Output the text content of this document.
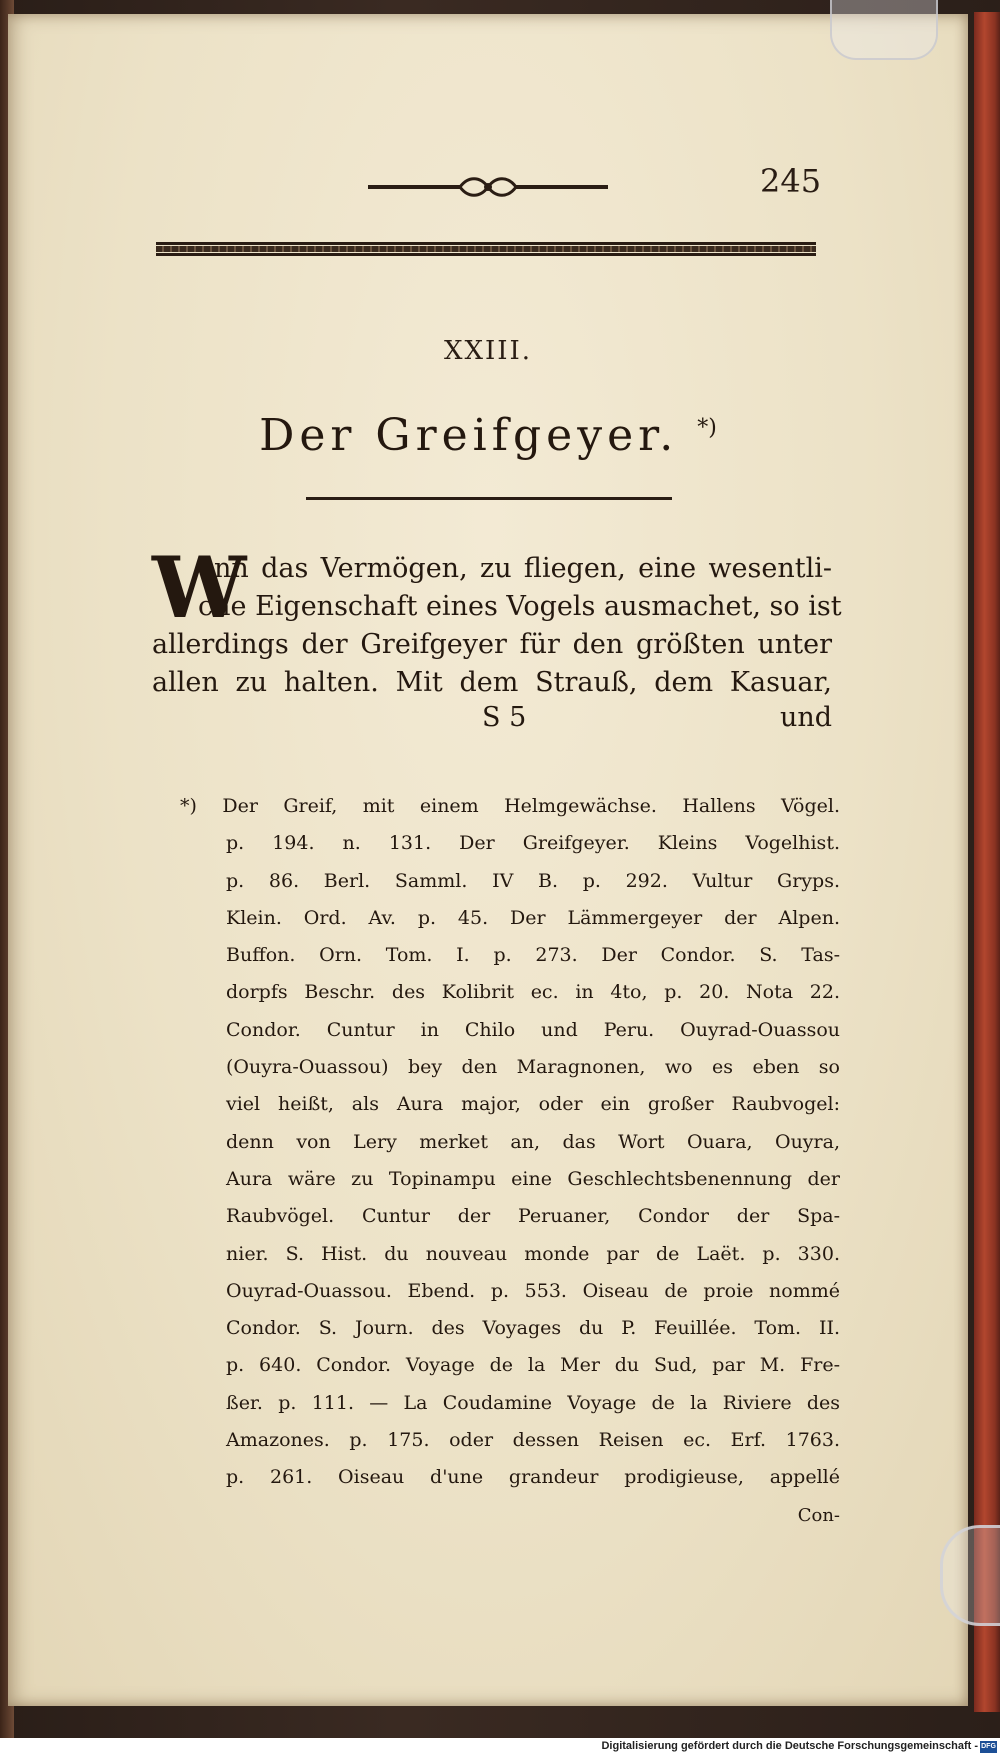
245
XXIII.
Der Greifgeyer. *)
W
enn das Vermögen, zu fliegen, eine wesentli-
che Eigenschaft eines Vogels ausmachet, so ist
allerdings der Greifgeyer für den größten unter
allen zu halten. Mit dem Strauß, dem Kasuar,
S 5	und
*) Der Greif, mit einem Helmgewächse. Hallens Vögel.
p. 194. n. 131. Der Greifgeyer. Kleins Vogelhist.
p. 86. Berl. Samml. IV B. p. 292. Vultur Gryps.
Klein. Ord. Av. p. 45. Der Lämmergeyer der Alpen.
Buffon. Orn. Tom. I. p. 273. Der Condor. S. Tas-
dorpfs Beschr. des Kolibrit ec. in 4to, p. 20. Nota 22.
Condor. Cuntur in Chilo und Peru. Ouyrad-Ouassou
(Ouyra-Ouassou) bey den Maragnonen, wo es eben so
viel heißt, als Aura major, oder ein großer Raubvogel:
denn von Lery merket an, das Wort Ouara, Ouyra,
Aura wäre zu Topinampu eine Geschlechtsbenennung der
Raubvögel. Cuntur der Peruaner, Condor der Spa-
nier. S. Hist. du nouveau monde par de Laët. p. 330.
Ouyrad-Ouassou. Ebend. p. 553. Oiseau de proie nommé
Condor. S. Journ. des Voyages du P. Feuillée. Tom. II.
p. 640. Condor. Voyage de la Mer du Sud, par M. Fre-
ßer. p. 111. — La Coudamine Voyage de la Riviere des
Amazones. p. 175. oder dessen Reisen ec. Erf. 1763.
p. 261. Oiseau d'une grandeur prodigieuse, appellé
Con-
Digitalisierung gefördert durch die Deutsche Forschungsgemeinschaft - DFG
